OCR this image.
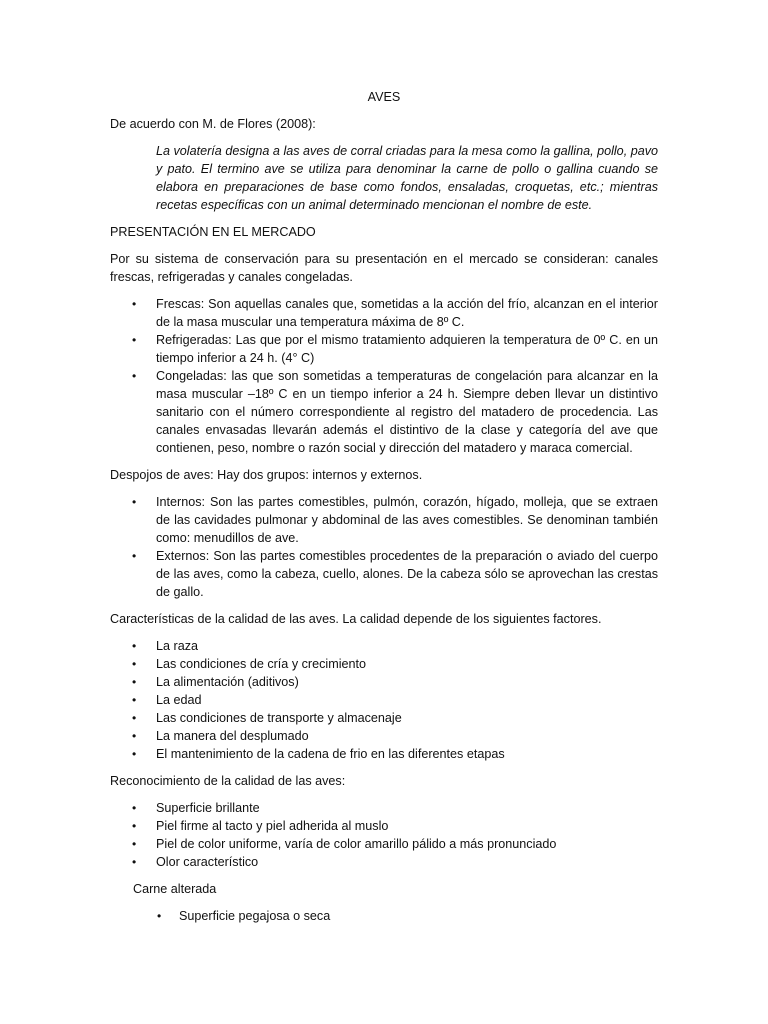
AVES

De acuerdo con M. de Flores (2008):

La volatería designa a las aves de corral criadas para la mesa como la gallina, pollo, pavo y pato. El termino ave se utiliza para denominar la carne de pollo o gallina cuando se elabora en preparaciones de base como fondos, ensaladas, croquetas, etc.; mientras recetas específicas con un animal determinado mencionan el nombre de este.

PRESENTACIÓN EN EL MERCADO

Por su sistema de conservación para su presentación en el mercado se consideran: canales frescas, refrigeradas y canales congeladas.

• Frescas: Son aquellas canales que, sometidas a la acción del frío, alcanzan en el interior de la masa muscular una temperatura máxima de 8º C.
• Refrigeradas: Las que por el mismo tratamiento adquieren la temperatura de 0º C. en un tiempo inferior a 24 h. (4° C)
• Congeladas: las que son sometidas a temperaturas de congelación para alcanzar en la masa muscular –18º C en un tiempo inferior a 24 h. Siempre deben llevar un distintivo sanitario con el número correspondiente al registro del matadero de procedencia. Las canales envasadas llevarán además el distintivo de la clase y categoría del ave que contienen, peso, nombre o razón social y dirección del matadero y maraca comercial.

Despojos de aves: Hay dos grupos: internos y externos.

• Internos: Son las partes comestibles, pulmón, corazón, hígado, molleja, que se extraen de las cavidades pulmonar y abdominal de las aves comestibles. Se denominan también como: menudillos de ave.
• Externos: Son las partes comestibles procedentes de la preparación o aviado del cuerpo de las aves, como la cabeza, cuello, alones. De la cabeza sólo se aprovechan las crestas de gallo.

Características de la calidad de las aves. La calidad depende de los siguientes factores.

• La raza
• Las condiciones de cría y crecimiento
• La alimentación (aditivos)
• La edad
• Las condiciones de transporte y almacenaje
• La manera del desplumado
• El mantenimiento de la cadena de frio en las diferentes etapas

Reconocimiento de la calidad de las aves:

• Superficie brillante
• Piel firme al tacto y piel adherida al muslo
• Piel de color uniforme, varía de color amarillo pálido a más pronunciado
• Olor característico

Carne alterada

• Superficie pegajosa o seca
